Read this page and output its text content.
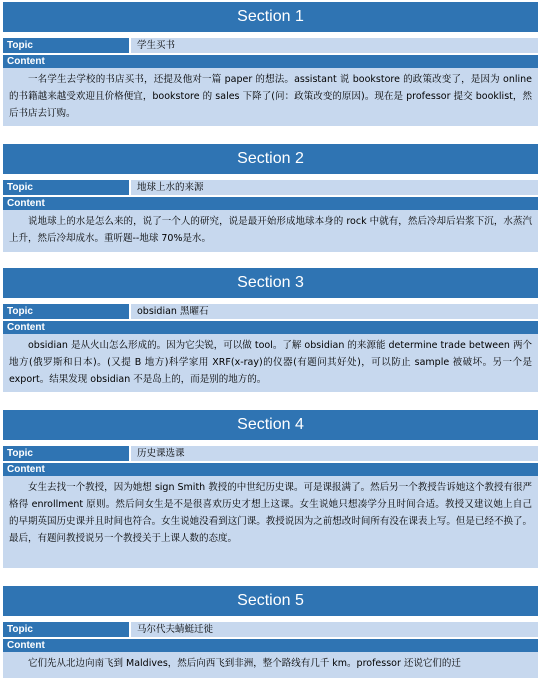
Section 1
Topic	学生买书
Content
一名学生去学校的书店买书，还提及他对一篇 paper 的想法。assistant 说 bookstore 的政策改变了，是因为 online 的书籍越来越受欢迎且价格便宜，bookstore 的 sales 下降了(问：政策改变的原因)。现在是 professor 提交 booklist，然后书店去订购。
Section 2
Topic	地球上水的来源
Content
说地球上的水是怎么来的，说了一个人的研究，说是最开始形成地球本身的 rock 中就有，然后冷却后岩浆下沉，水蒸汽上升，然后冷却成水。重听题--地球 70%是水。
Section 3
Topic	obsidian 黑曜石
Content
obsidian 是从火山怎么形成的。因为它尖锐，可以做 tool。了解 obsidian 的来源能 determine trade between 两个地方(俄罗斯和日本)。(又提 B 地方)科学家用 XRF(x-ray)的仪器(有题问其好处)，可以防止 sample 被破坏。另一个是 export。结果发现 obsidian 不是岛上的，而是别的地方的。
Section 4
Topic	历史课选课
Content
女生去找一个教授，因为她想 sign Smith 教授的中世纪历史课。可是课报满了。然后另一个教授告诉她这个教授有很严格得 enrollment 原则。然后问女生是不是很喜欢历史才想上这课。女生说她只想凑学分且时间合适。教授又建议她上自己的早期英国历史课并且时间也符合。女生说她没看到这门课。教授说因为之前想改时间所有没在课表上写。但是已经不换了。最后，有题问教授说另一个教授关于上课人数的态度。
Section 5
Topic	马尔代夫蜻蜓迁徙
Content
它们先从北边向南飞到 Maldives，然后向西飞到非洲，整个路线有几千 km。professor 还说它们的迁
